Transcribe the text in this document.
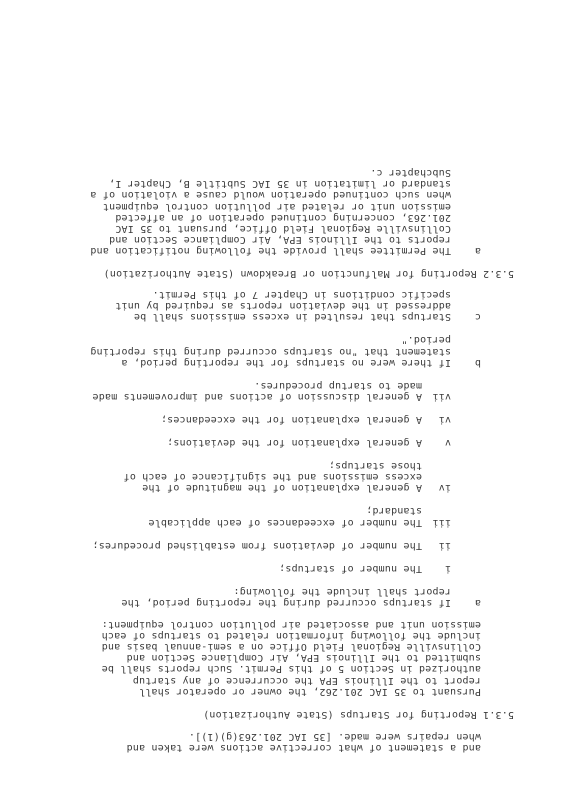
and a statement of what corrective actions were taken and
when repairs were made. [35 IAC 201.263(g)(1)].
5.3.1 Reporting for Startups (State Authorization)
Pursuant to 35 IAC 201.262, the owner or operator shall
report to the Illinois EPA the occurrence of any startup
authorized in Section 5 of this Permit. Such reports shall be
submitted to the Illinois EPA, Air Compliance Section and
Collinsville Regional Field Office on a semi-annual basis and
include the following information related to startups of each
emission unit and associated air pollution control equipment:
a
If startups occurred during the reporting period, the
report shall include the following:
i
The number of startups;
ii
The number of deviations from established procedures;
iii
The number of exceedances of each applicable
standard;
iv
A general explanation of the magnitude of the
excess emissions and the significance of each of
those startups;
v
A general explanation for the deviations;
vi
A general explanation for the exceedances;
vii
A general discussion of actions and improvements made
made to startup procedures.
b
If there were no startups for the reporting period, a
statement that "no startups occurred during this reporting
period."
c
Startups that resulted in excess emissions shall be
addressed in the deviation reports as required by unit
specific conditions in Chapter 7 of this Permit.
5.3.2 Reporting for Malfunction or Breakdown (State Authorization)
a
The Permittee shall provide the following notification and
reports to the Illinois EPA, Air Compliance Section and
Collinsville Regional Field Office, pursuant to 35 IAC
201.263, concerning continued operation of an affected
emission unit or related air pollution control equipment
when such continued operation would cause a violation of a
standard or limitation in 35 IAC Subtitle B, Chapter I,
Subchapter c.
